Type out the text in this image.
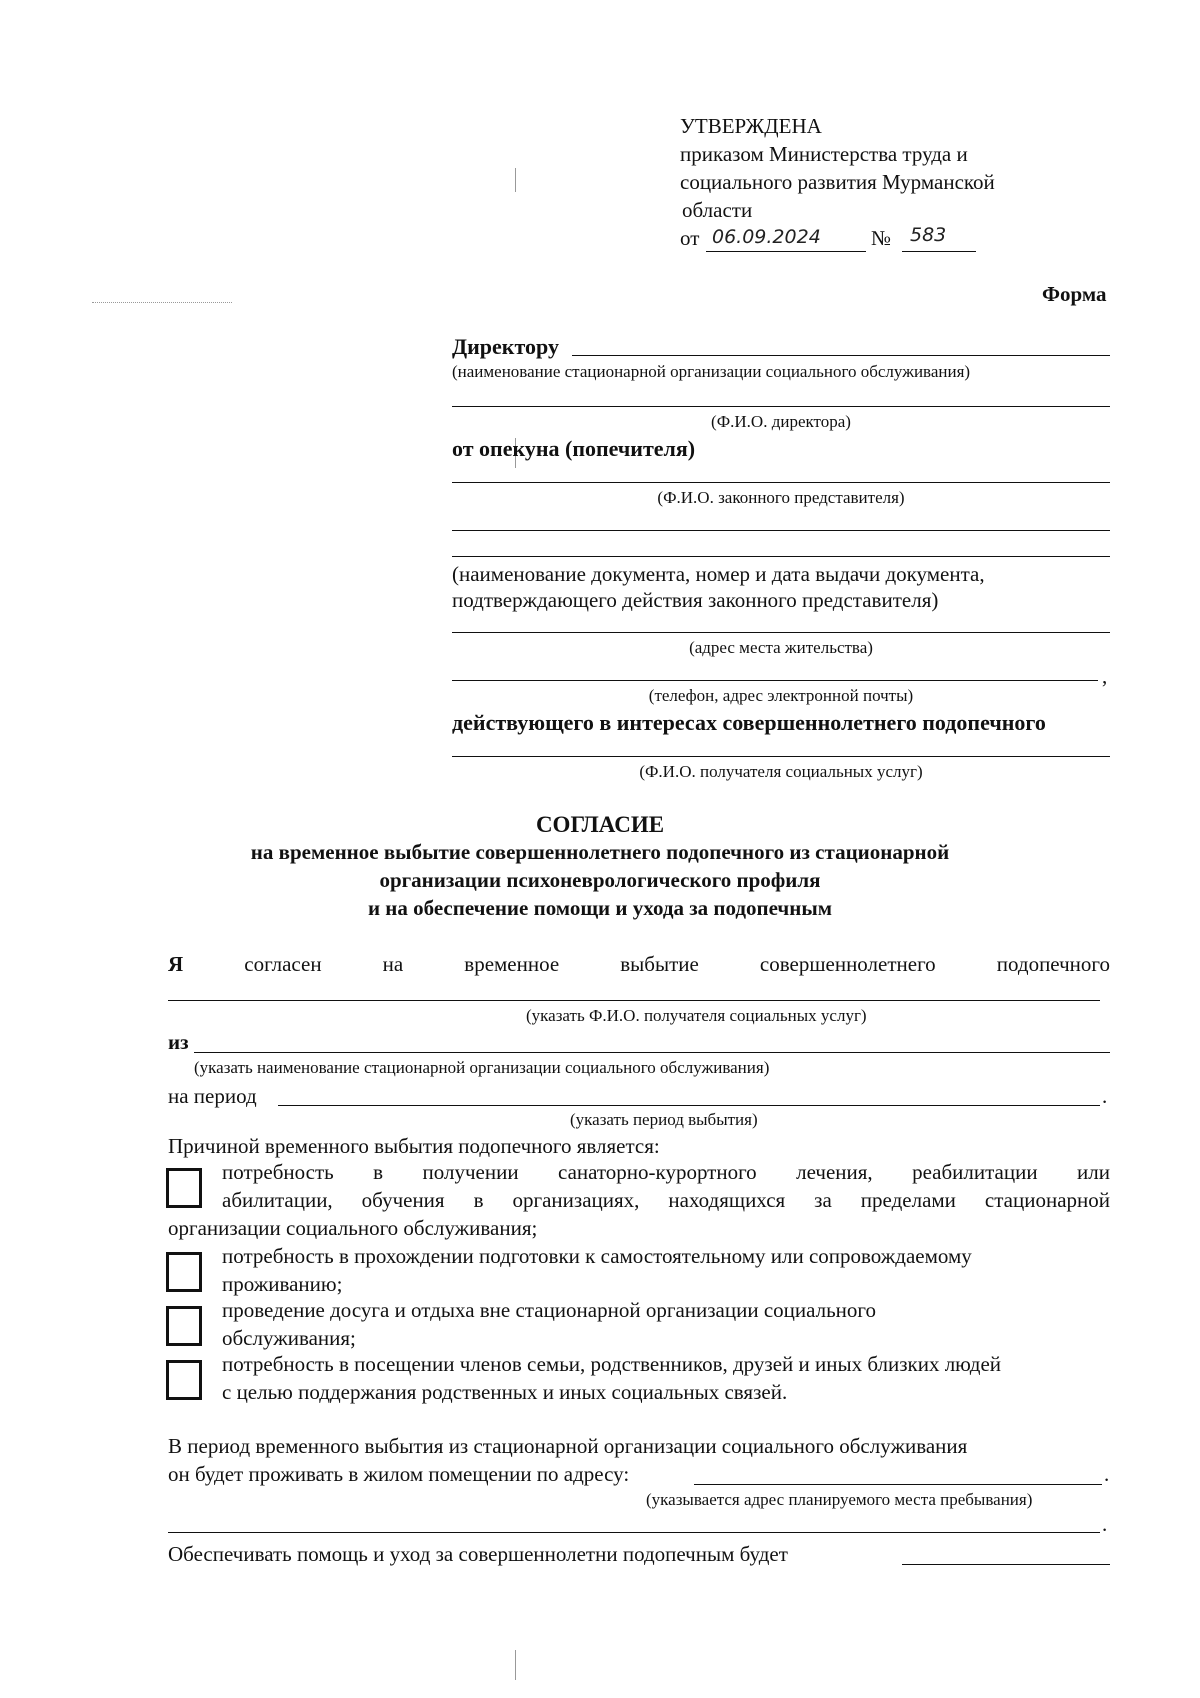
УТВЕРЖДЕНА
приказом Министерства труда и
социального развития Мурманской
области
от 06.09.2024 № 583
Форма
Директору
(наименование стационарной организации социального обслуживания)
(Ф.И.О. директора)
от опекуна (попечителя)
(Ф.И.О. законного представителя)
(наименование документа, номер и дата выдачи документа,
подтверждающего действия законного представителя)
(адрес места жительства)
,
(телефон, адрес электронной почты)
действующего в интересах совершеннолетнего подопечного
(Ф.И.О. получателя социальных услуг)
СОГЛАСИЕ
на временное выбытие совершеннолетнего подопечного из стационарной
организации психоневрологического профиля
и на обеспечение помощи и ухода за подопечным
Я	согласен	на	временное	выбытие	совершеннолетнего	подопечного
(указать Ф.И.О. получателя социальных услуг)
из
(указать наименование стационарной организации социального обслуживания)
на период	.
(указать период выбытия)
Причиной временного выбытия подопечного является:
потребность в получении санаторно-курортного лечения, реабилитации или
абилитации, обучения в организациях, находящихся за пределами стационарной
организации социального обслуживания;
потребность в прохождении подготовки к самостоятельному или сопровождаемому
проживанию;
проведение досуга и отдыха вне стационарной организации социального
обслуживания;
потребность в посещении членов семьи, родственников, друзей и иных близких людей
с целью поддержания родственных и иных социальных связей.
В период временного выбытия из стационарной организации социального обслуживания
он будет проживать в жилом помещении по адресу:	.
(указывается адрес планируемого места пребывания)
.
Обеспечивать помощь и уход за совершеннолетни подопечным будет
